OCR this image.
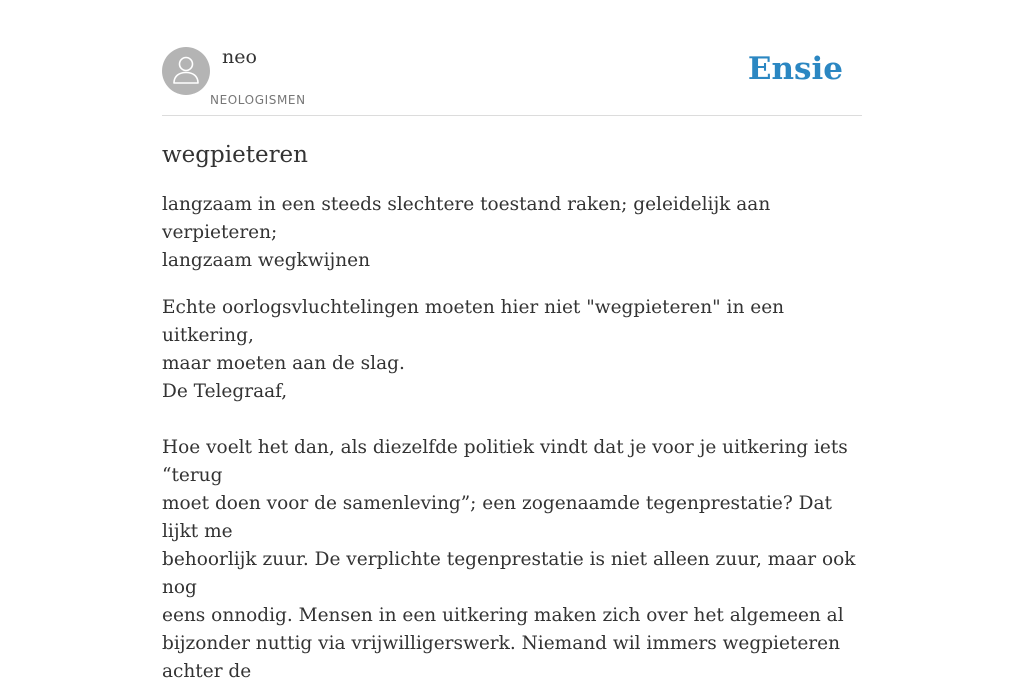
neo
NEOLOGISMEN
Ensie
wegpieteren

langzaam in een steeds slechtere toestand raken; geleidelijk aan verpieteren;
langzaam wegkwijnen

Echte oorlogsvluchtelingen moeten hier niet "wegpieteren" in een uitkering,
maar moeten aan de slag.
De Telegraaf,

Hoe voelt het dan, als diezelfde politiek vindt dat je voor je uitkering iets “terug
moet doen voor de samenleving”; een zogenaamde tegenprestatie? Dat lijkt me
behoorlijk zuur. De verplichte tegenprestatie is niet alleen zuur, maar ook nog
eens onnodig. Mensen in een uitkering maken zich over het algemeen al
bijzonder nuttig via vrijwilligerswerk. Niemand wil immers wegpieteren achter de
